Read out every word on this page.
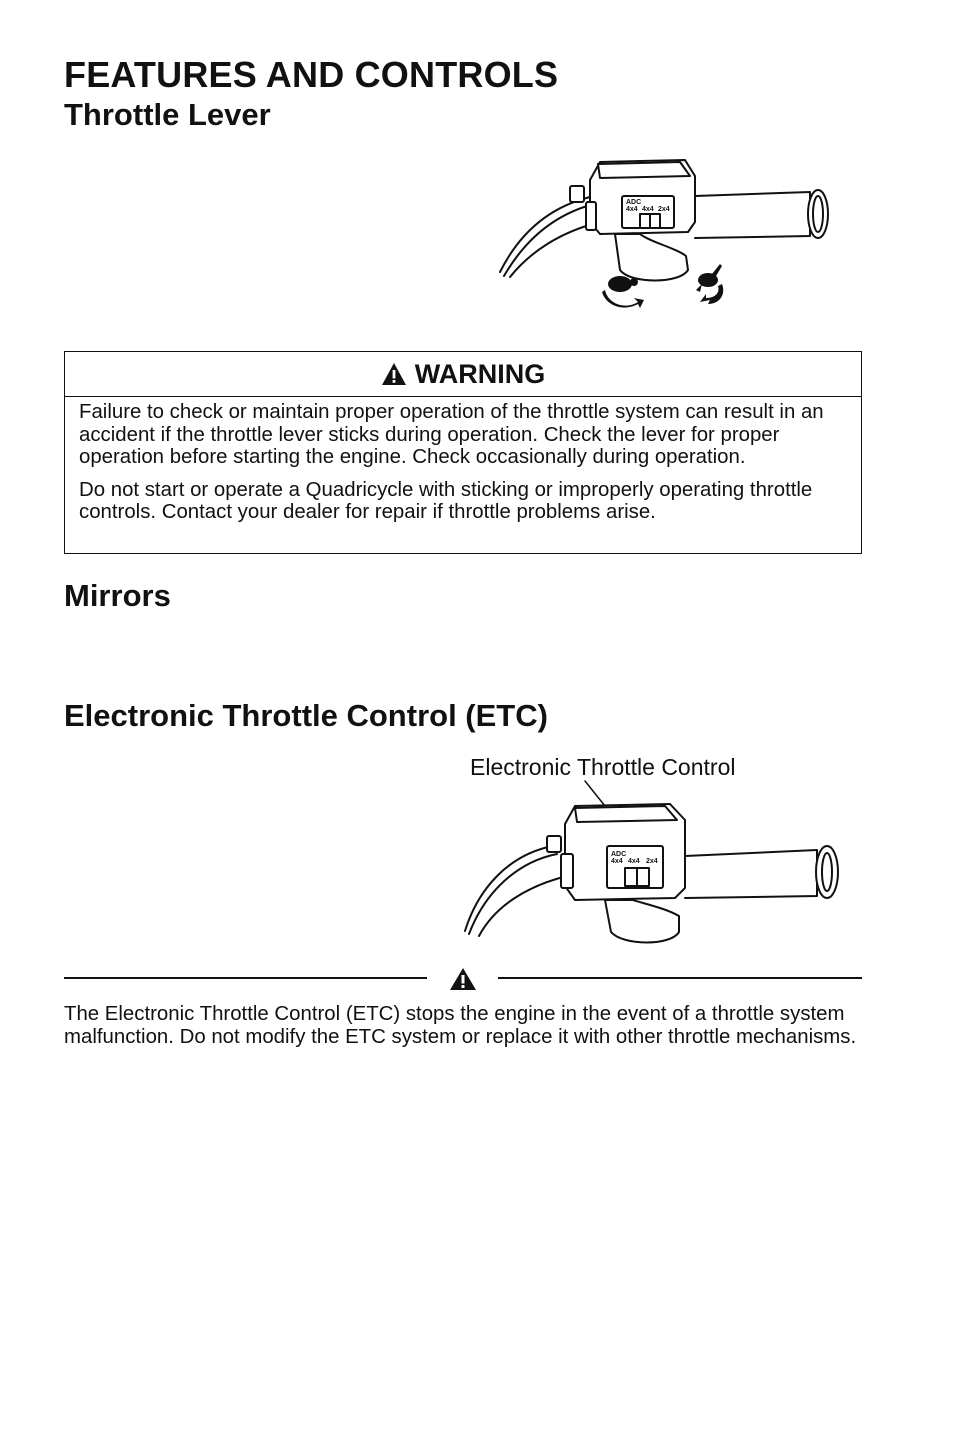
FEATURES AND CONTROLS
Throttle Lever
ADC
4x4 4x4 2x4
WARNING

Failure to check or maintain proper operation of the throttle system can result in an accident if the throttle lever sticks during operation. Check the lever for proper operation before starting the engine. Check occasionally during operation.

Do not start or operate a Quadricycle with sticking or improperly operating throttle controls. Contact your dealer for repair if throttle problems arise.

Mirrors
Electronic Throttle Control (ETC)
Electronic Throttle Control
ADC
4x4 4x4 2x4

The Electronic Throttle Control (ETC) stops the engine in the event of a throttle system malfunction. Do not modify the ETC system or replace it with other throttle mechanisms.
